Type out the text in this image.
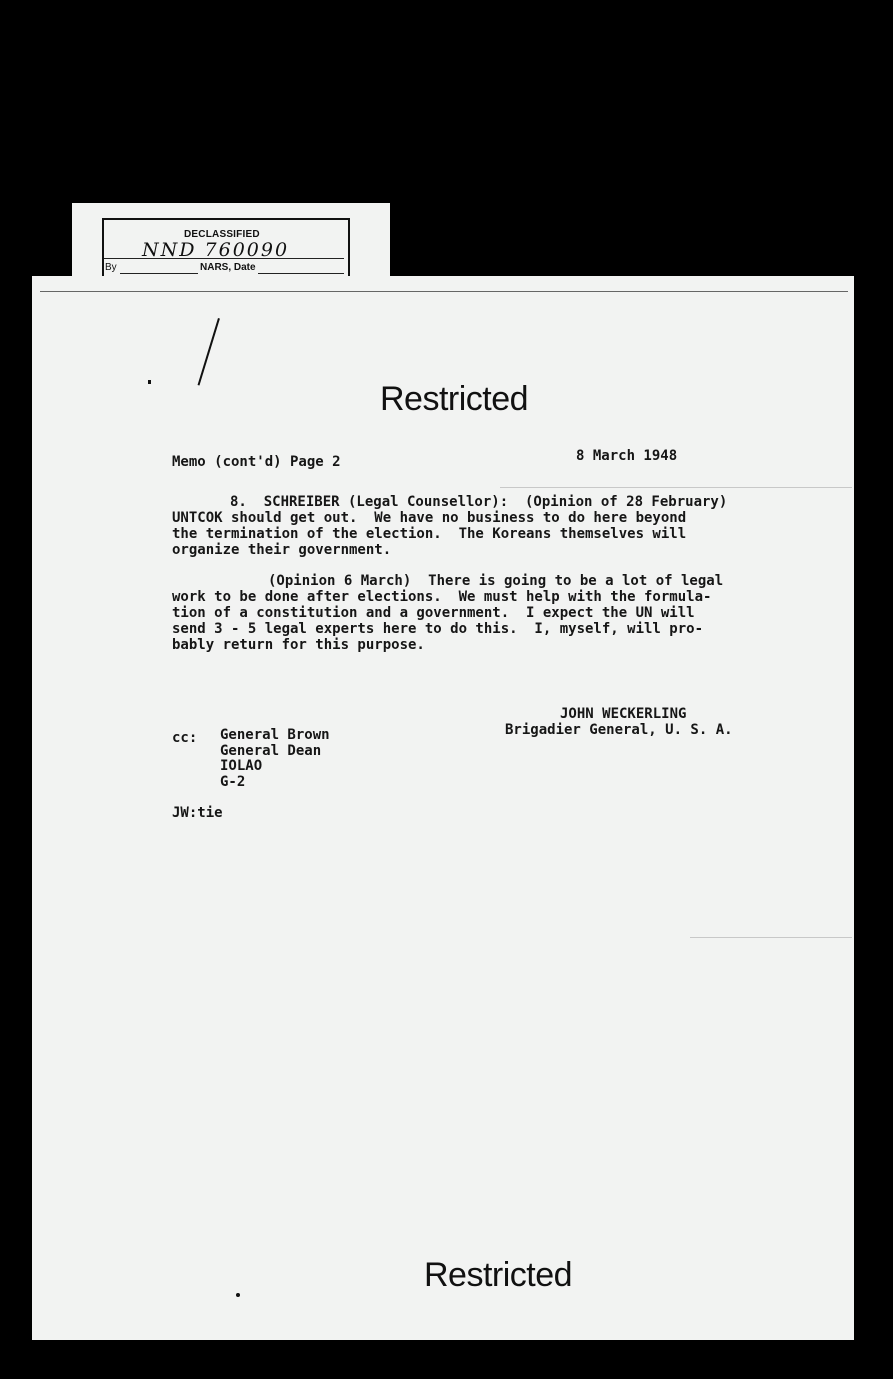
DECLASSIFIED
NND 760090
By	NARS, Date
Restricted
Memo (cont'd) Page 2	8 March 1948
8.  SCHREIBER (Legal Counsellor):  (Opinion of 28 February)
UNTCOK should get out.  We have no business to do here beyond
the termination of the election.  The Koreans themselves will
organize their government.
(Opinion 6 March)  There is going to be a lot of legal
work to be done after elections.  We must help with the formula-
tion of a constitution and a government.  I expect the UN will
send 3 - 5 legal experts here to do this.  I, myself, will pro-
bably return for this purpose.
JOHN WECKERLING
Brigadier General, U. S. A.
cc: General Brown
General Dean
IOLAO
G-2
JW:tie
Restricted
